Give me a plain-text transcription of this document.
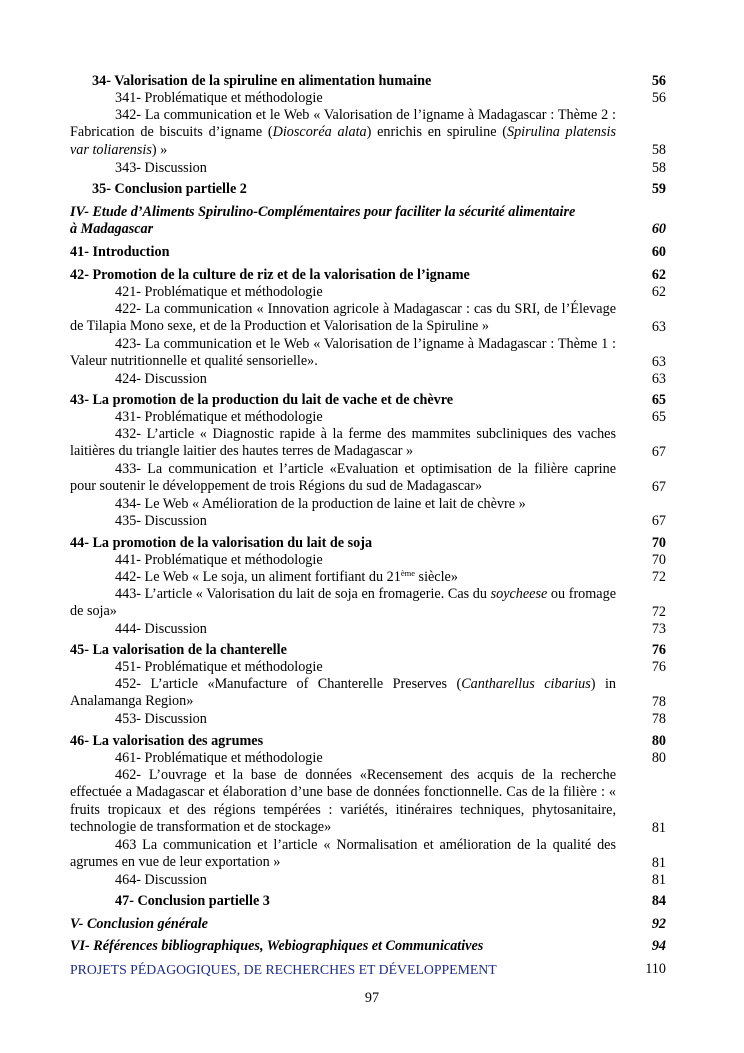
34- Valorisation de la spiruline en alimentation humaine	56
341- Problématique et méthodologie	56
342- La communication et le Web « Valorisation de l’igname à Madagascar : Thème 2 : Fabrication de biscuits d’igname (Dioscoréa alata) enrichis en spiruline (Spirulina platensis var toliarensis) »	58
343- Discussion	58
35- Conclusion partielle 2	59
IV- Etude d’Aliments Spirulino-Complémentaires pour faciliter la sécurité alimentaire
à Madagascar	60
41- Introduction	60
42- Promotion de la culture de riz et de la valorisation de l’igname	62
421- Problématique et méthodologie	62
422- La communication « Innovation agricole à Madagascar : cas du SRI, de l’Élevage de Tilapia Mono sexe, et de la Production et Valorisation de la Spiruline »	63
423- La communication et le Web « Valorisation de l’igname à Madagascar : Thème 1 : Valeur nutritionnelle et qualité sensorielle».	63
424- Discussion	63
43- La promotion de la production du lait de vache et de chèvre	65
431- Problématique et méthodologie	65
432- L’article « Diagnostic rapide à la ferme des mammites subcliniques des vaches laitières du triangle laitier des hautes terres de Madagascar »	67
433- La communication et l’article «Evaluation et optimisation de la filière caprine pour soutenir le développement de trois Régions du sud de Madagascar»	67
434- Le Web « Amélioration de la production de laine et lait de chèvre »
435- Discussion	67
44- La promotion de la valorisation du lait de soja	70
441- Problématique et méthodologie	70
442- Le Web « Le soja, un aliment fortifiant du 21ème siècle»	72
443- L’article « Valorisation du lait de soja en fromagerie. Cas du soycheese ou fromage de soja»	72
444- Discussion	73
45- La valorisation de la chanterelle	76
451- Problématique et méthodologie	76
452- L’article «Manufacture of Chanterelle Preserves (Cantharellus cibarius) in Analamanga Region»	78
453- Discussion	78
46- La valorisation des agrumes	80
461- Problématique et méthodologie	80
462- L’ouvrage et la base de données «Recensement des acquis de la recherche effectuée a Madagascar et élaboration d’une base de données fonctionnelle. Cas de la filière : « fruits tropicaux et des régions tempérées : variétés, itinéraires techniques, phytosanitaire, technologie de transformation et de stockage»	81
463 La communication et l’article « Normalisation et amélioration de la qualité des agrumes en vue de leur exportation »	81
464- Discussion	81
47- Conclusion partielle 3	84
V- Conclusion générale	92
VI- Références bibliographiques, Webiographiques et Communicatives	94
PROJETS PÉDAGOGIQUES, DE RECHERCHES ET DÉVELOPPEMENT	110
97
